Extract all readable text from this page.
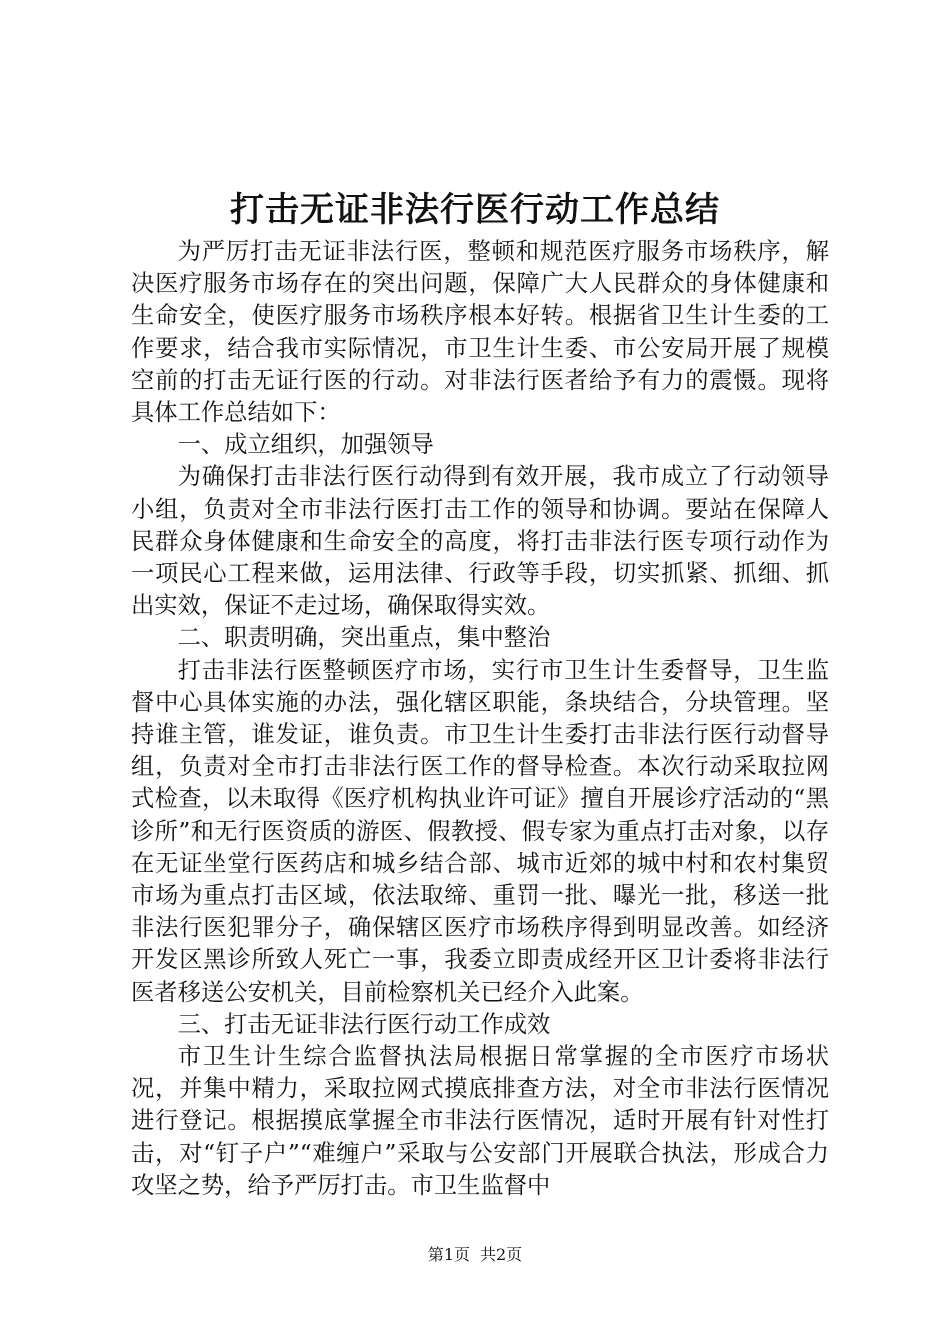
打击无证非法行医行动工作总结

为严厉打击无证非法行医，整顿和规范医疗服务市场秩序，解决医疗服务市场存在的突出问题，保障广大人民群众的身体健康和生命安全，使医疗服务市场秩序根本好转。根据省卫生计生委的工作要求，结合我市实际情况，市卫生计生委、市公安局开展了规模空前的打击无证行医的行动。对非法行医者给予有力的震慑。现将具体工作总结如下：

一、成立组织，加强领导

为确保打击非法行医行动得到有效开展，我市成立了行动领导小组，负责对全市非法行医打击工作的领导和协调。要站在保障人民群众身体健康和生命安全的高度，将打击非法行医专项行动作为一项民心工程来做，运用法律、行政等手段，切实抓紧、抓细、抓出实效，保证不走过场，确保取得实效。

二、职责明确，突出重点，集中整治

打击非法行医整顿医疗市场，实行市卫生计生委督导，卫生监督中心具体实施的办法，强化辖区职能，条块结合，分块管理。坚持谁主管，谁发证，谁负责。市卫生计生委打击非法行医行动督导组，负责对全市打击非法行医工作的督导检查。本次行动采取拉网式检查，以未取得《医疗机构执业许可证》擅自开展诊疗活动的“黑诊所”和无行医资质的游医、假教授、假专家为重点打击对象，以存在无证坐堂行医药店和城乡结合部、城市近郊的城中村和农村集贸市场为重点打击区域，依法取缔、重罚一批、曝光一批，移送一批非法行医犯罪分子，确保辖区医疗市场秩序得到明显改善。如经济开发区黑诊所致人死亡一事，我委立即责成经开区卫计委将非法行医者移送公安机关，目前检察机关已经介入此案。

三、打击无证非法行医行动工作成效

市卫生计生综合监督执法局根据日常掌握的全市医疗市场状况，并集中精力，采取拉网式摸底排查方法，对全市非法行医情况进行登记。根据摸底掌握全市非法行医情况，适时开展有针对性打击，对“钉子户”“难缠户”采取与公安部门开展联合执法，形成合力攻坚之势，给予严厉打击。市卫生监督中

第1页 共2页
